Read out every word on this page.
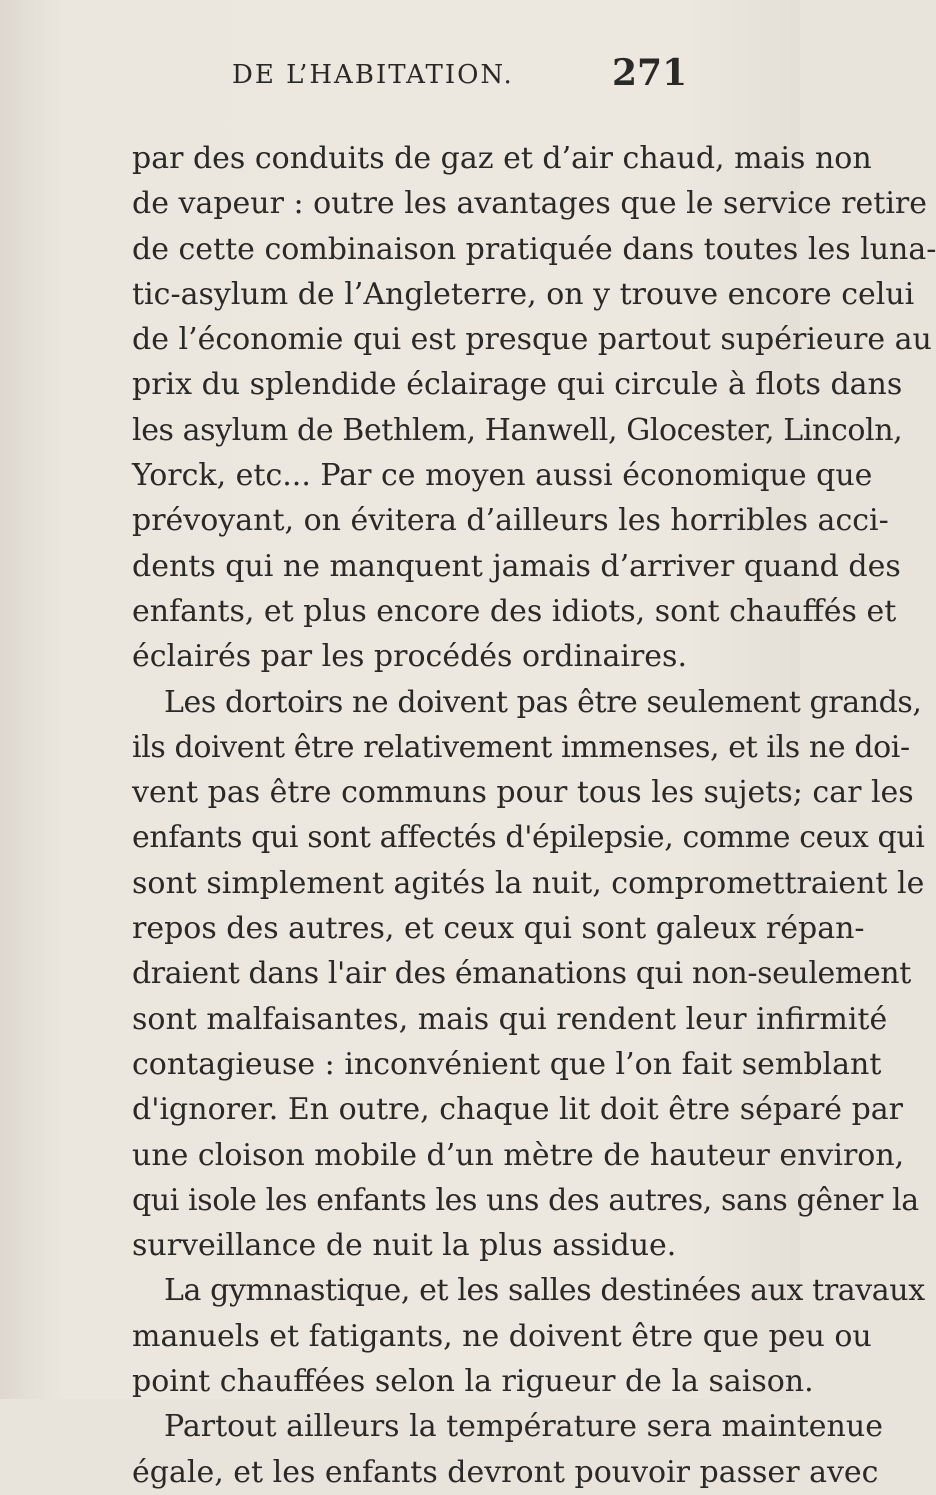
DE L’HABITATION.	271
par des conduits de gaz et d’air chaud, mais non
de vapeur : outre les avantages que le service retire
de cette combinaison pratiquée dans toutes les luna-
tic-asylum de l’Angleterre, on y trouve encore celui
de l’économie qui est presque partout supérieure au
prix du splendide éclairage qui circule à flots dans
les asylum de Bethlem, Hanwell, Glocester, Lincoln,
Yorck, etc... Par ce moyen aussi économique que
prévoyant, on évitera d’ailleurs les horribles acci-
dents qui ne manquent jamais d’arriver quand des
enfants, et plus encore des idiots, sont chauffés et
éclairés par les procédés ordinaires.
Les dortoirs ne doivent pas être seulement grands,
ils doivent être relativement immenses, et ils ne doi-
vent pas être communs pour tous les sujets; car les
enfants qui sont affectés d'épilepsie, comme ceux qui
sont simplement agités la nuit, compromettraient le
repos des autres, et ceux qui sont galeux répan-
draient dans l'air des émanations qui non-seulement
sont malfaisantes, mais qui rendent leur infirmité
contagieuse : inconvénient que l’on fait semblant
d'ignorer. En outre, chaque lit doit être séparé par
une cloison mobile d’un mètre de hauteur environ,
qui isole les enfants les uns des autres, sans gêner la
surveillance de nuit la plus assidue.
La gymnastique, et les salles destinées aux travaux
manuels et fatigants, ne doivent être que peu ou
point chauffées selon la rigueur de la saison.
Partout ailleurs la température sera maintenue
égale, et les enfants devront pouvoir passer avec
